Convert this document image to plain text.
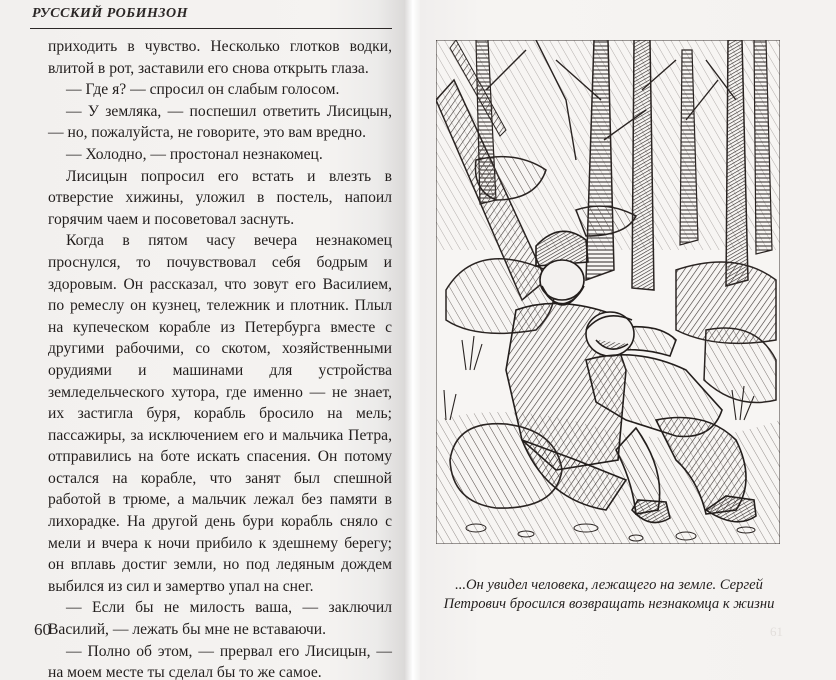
РУССКИЙ РОБИНЗОН

приходить в чувство. Несколько глотков водки, влитой в рот, заставили его снова открыть глаза.

— Где я? — спросил он слабым голосом.

— У земляка, — поспешил ответить Лисицын, — но, пожалуйста, не говорите, это вам вредно.

— Холодно, — простонал незнакомец.

Лисицын попросил его встать и влезть в отверстие хижины, уложил в постель, напоил горячим чаем и посоветовал заснуть.

Когда в пятом часу вечера незнакомец проснулся, то почувствовал себя бодрым и здоровым. Он рассказал, что зовут его Василием, по ремеслу он кузнец, тележник и плотник. Плыл на купеческом корабле из Петербурга вместе с другими рабочими, со скотом, хозяйственными орудиями и машинами для устройства земледельческого хутора, где именно — не знает, их застигла буря, корабль бросило на мель; пассажиры, за исключением его и мальчика Петра, отправились на боте искать спасения. Он потому остался на корабле, что занят был спешной работой в трюме, а мальчик лежал без памяти в лихорадке. На другой день бури корабль сняло с мели и вчера к ночи прибило к здешнему берегу; он вплавь достиг земли, но под ледяным дождем выбился из сил и замертво упал на снег.

— Если бы не милость ваша, — заключил Василий, — лежать бы мне не вставаючи.

— Полно об этом, — прервал его Лисицын, — на моем месте ты сделал бы то же самое.

60
...Он увидел человека, лежащего на земле. Сергей
Петрович бросился возвращать незнакомца к жизни
61
